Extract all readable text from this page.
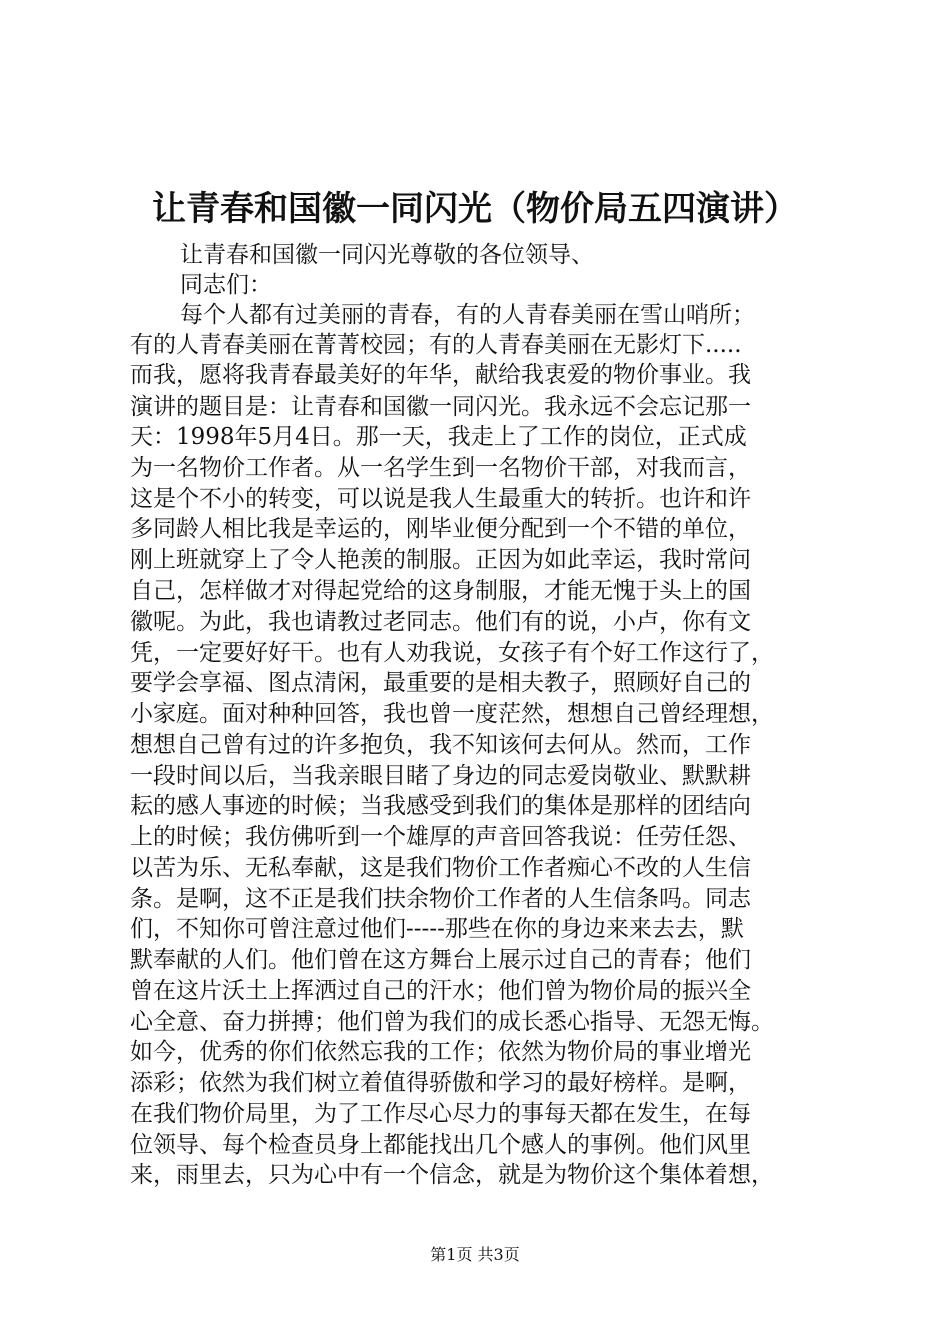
让青春和国徽一同闪光（物价局五四演讲）
让青春和国徽一同闪光尊敬的各位领导、
同志们：
每个人都有过美丽的青春，有的人青春美丽在雪山哨所；
有的人青春美丽在菁菁校园；有的人青春美丽在无影灯下.....
而我，愿将我青春最美好的年华，献给我衷爱的物价事业。我
演讲的题目是：让青春和国徽一同闪光。我永远不会忘记那一
天：1998年5月4日。那一天，我走上了工作的岗位，正式成
为一名物价工作者。从一名学生到一名物价干部，对我而言，
这是个不小的转变，可以说是我人生最重大的转折。也许和许
多同龄人相比我是幸运的，刚毕业便分配到一个不错的单位，
刚上班就穿上了令人艳羡的制服。正因为如此幸运，我时常问
自己，怎样做才对得起党给的这身制服，才能无愧于头上的国
徽呢。为此，我也请教过老同志。他们有的说，小卢，你有文
凭，一定要好好干。也有人劝我说，女孩子有个好工作这行了，
要学会享福、图点清闲，最重要的是相夫教子，照顾好自己的
小家庭。面对种种回答，我也曾一度茫然，想想自己曾经理想，
想想自己曾有过的许多抱负，我不知该何去何从。然而，工作
一段时间以后，当我亲眼目睹了身边的同志爱岗敬业、默默耕
耘的感人事迹的时候；当我感受到我们的集体是那样的团结向
上的时候；我仿佛听到一个雄厚的声音回答我说：任劳任怨、
以苦为乐、无私奉献，这是我们物价工作者痴心不改的人生信
条。是啊，这不正是我们扶余物价工作者的人生信条吗。同志
们，不知你可曾注意过他们-----那些在你的身边来来去去，默
默奉献的人们。他们曾在这方舞台上展示过自己的青春；他们
曾在这片沃土上挥洒过自己的汗水；他们曾为物价局的振兴全
心全意、奋力拼搏；他们曾为我们的成长悉心指导、无怨无悔。
如今，优秀的你们依然忘我的工作；依然为物价局的事业增光
添彩；依然为我们树立着值得骄傲和学习的最好榜样。是啊，
在我们物价局里，为了工作尽心尽力的事每天都在发生，在每
位领导、每个检查员身上都能找出几个感人的事例。他们风里
来，雨里去，只为心中有一个信念，就是为物价这个集体着想，
第1页 共3页
